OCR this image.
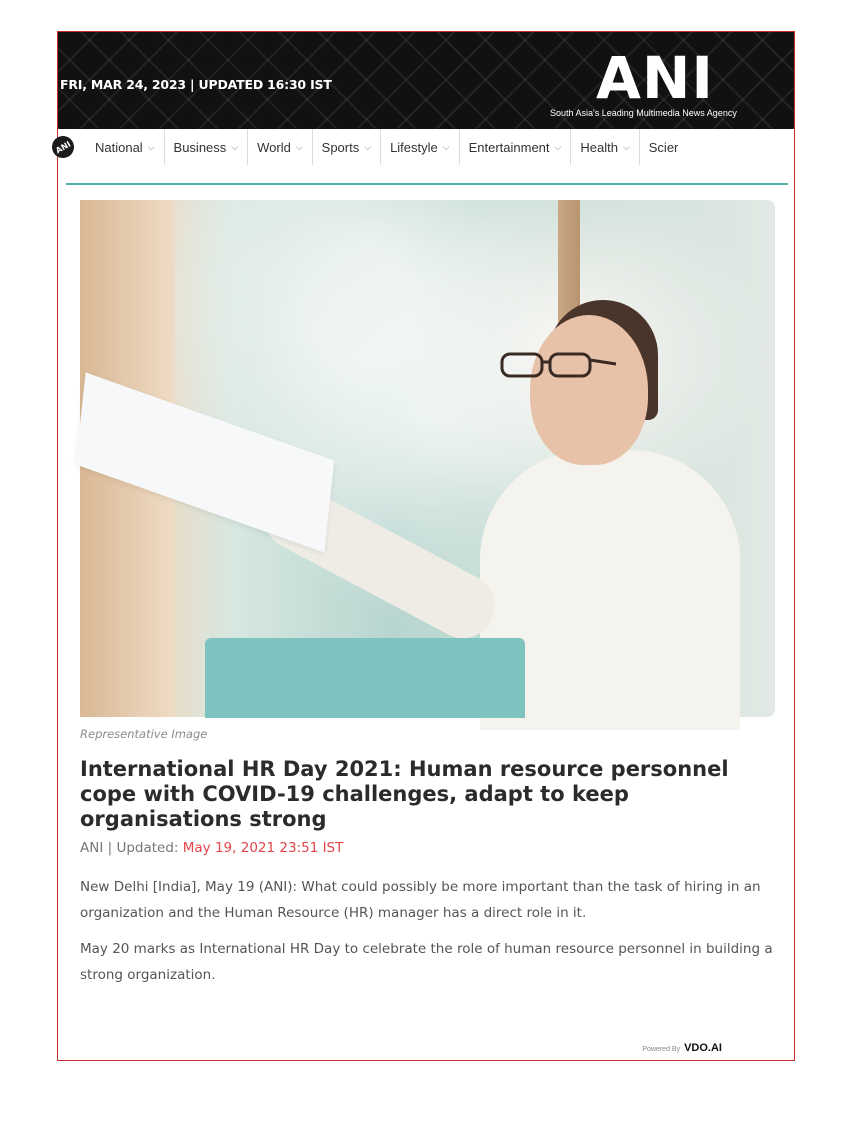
FRI, MAR 24, 2023 | UPDATED 16:30 IST	ANI
South Asia's Leading Multimedia News Agency
ANI	National ⌵ Business ⌵ World ⌵ Sports ⌵ Lifestyle ⌵ Entertainment ⌵ Health ⌵ Scier
Representative Image
International HR Day 2021: Human resource personnel cope with COVID-19 challenges, adapt to keep organisations strong
ANI | Updated: May 19, 2021 23:51 IST

New Delhi [India], May 19 (ANI): What could possibly be more important than the task of hiring in an organization and the Human Resource (HR) manager has a direct role in it.

May 20 marks as International HR Day to celebrate the role of human resource personnel in building a strong organization.

Powered By VDO.AI
